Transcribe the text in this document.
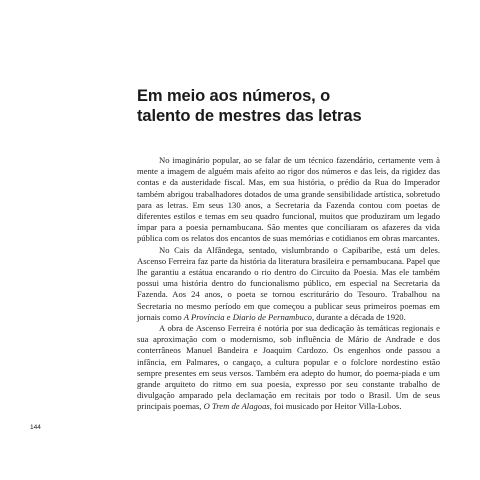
Em meio aos números, o
talento de mestres das letras

No imaginário popular, ao se falar de um técnico fazendário, certamente vem à mente a imagem de alguém mais afeito ao rigor dos números e das leis, da rigidez das contas e da austeridade fiscal. Mas, em sua história, o prédio da Rua do Imperador também abrigou trabalhadores dotados de uma grande sensibilidade artística, sobretudo para as letras. Em seus 130 anos, a Secretaria da Fazenda contou com poetas de diferentes estilos e temas em seu quadro funcional, muitos que produziram um legado ímpar para a poesia pernambucana. São mentes que conciliaram os afazeres da vida pública com os relatos dos encantos de suas memórias e cotidianos em obras marcantes.

No Cais da Alfândega, sentado, vislumbrando o Capibaribe, está um deles. Ascenso Ferreira faz parte da história da literatura brasileira e pernambucana. Papel que lhe garantiu a estátua encarando o rio dentro do Circuito da Poesia. Mas ele também possui uma história dentro do funcionalismo público, em especial na Secretaria da Fazenda. Aos 24 anos, o poeta se tornou escriturário do Tesouro. Trabalhou na Secretaria no mesmo período em que começou a publicar seus primeiros poemas em jornais como A Província e Diario de Pernambuco, durante a década de 1920.

A obra de Ascenso Ferreira é notória por sua dedicação às temáticas regionais e sua aproximação com o modernismo, sob influência de Mário de Andrade e dos conterrâneos Manuel Bandeira e Joaquim Cardozo. Os engenhos onde passou a infância, em Palmares, o cangaço, a cultura popular e o folclore nordestino estão sempre presentes em seus versos. Também era adepto do humor, do poema-piada e um grande arquiteto do ritmo em sua poesia, expresso por seu constante trabalho de divulgação amparado pela declamação em recitais por todo o Brasil. Um de seus principais poemas, O Trem de Alagoas, foi musicado por Heitor Villa-Lobos.

144
